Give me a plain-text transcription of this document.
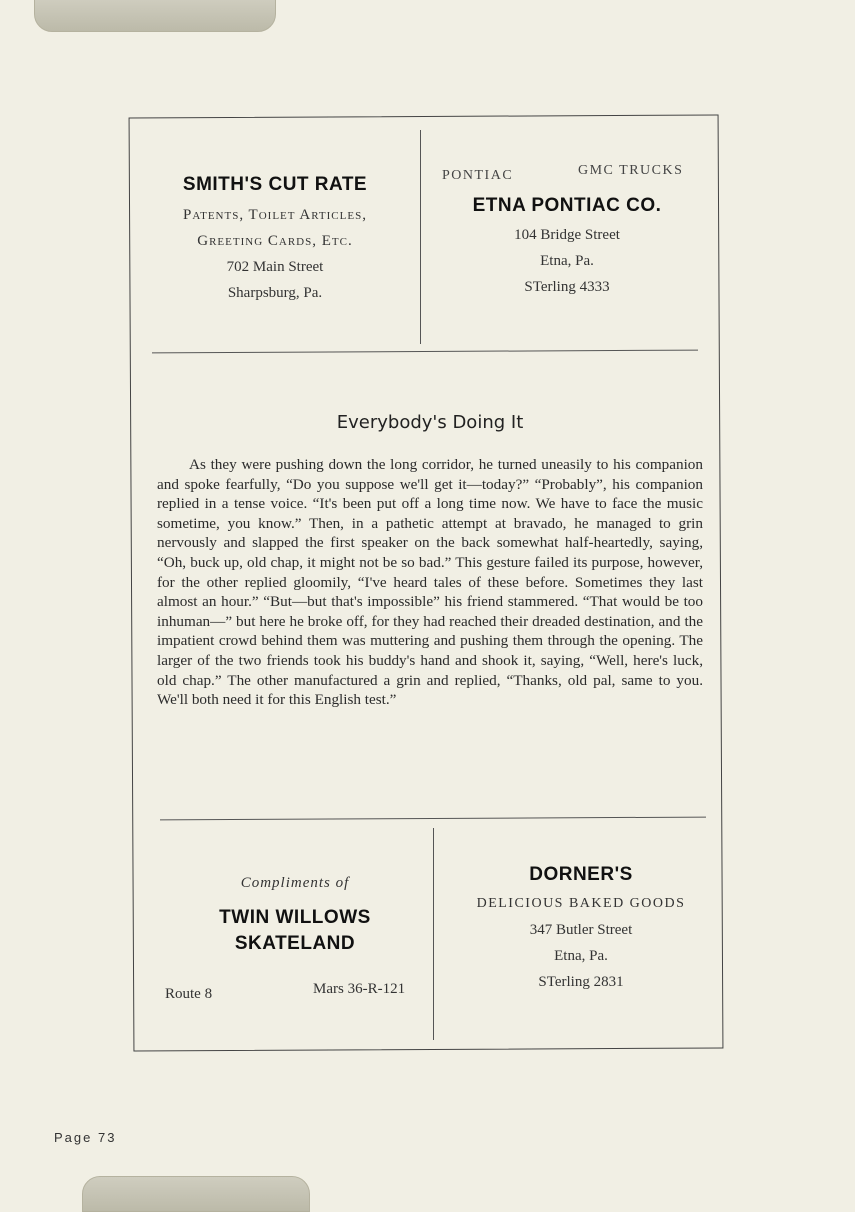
SMITH'S CUT RATE
Patents, Toilet Articles,
Greeting Cards, Etc.
702 Main Street
Sharpsburg, Pa.
PONTIAC	GMC TRUCKS
ETNA PONTIAC CO.
104 Bridge Street
Etna, Pa.
STerling 4333
Everybody's Doing It
As they were pushing down the long corridor, he turned uneasily to his companion and spoke fearfully, “Do you suppose we'll get it—today?” “Probably”, his companion replied in a tense voice. “It's been put off a long time now. We have to face the music sometime, you know.” Then, in a pathetic attempt at bravado, he managed to grin nervously and slapped the first speaker on the back somewhat half-heartedly, saying, “Oh, buck up, old chap, it might not be so bad.” This gesture failed its purpose, however, for the other replied gloomily, “I've heard tales of these before. Sometimes they last almost an hour.” “But—but that's impossible” his friend stammered. “That would be too inhuman—” but here he broke off, for they had reached their dreaded destination, and the impatient crowd behind them was muttering and pushing them through the opening. The larger of the two friends took his buddy's hand and shook it, saying, “Well, here's luck, old chap.” The other manufactured a grin and replied, “Thanks, old pal, same to you. We'll both need it for this English test.”
Compliments of
TWIN WILLOWS
SKATELAND
Route 8	Mars 36-R-121
DORNER'S
DELICIOUS BAKED GOODS
347 Butler Street
Etna, Pa.
STerling 2831
Page 73
